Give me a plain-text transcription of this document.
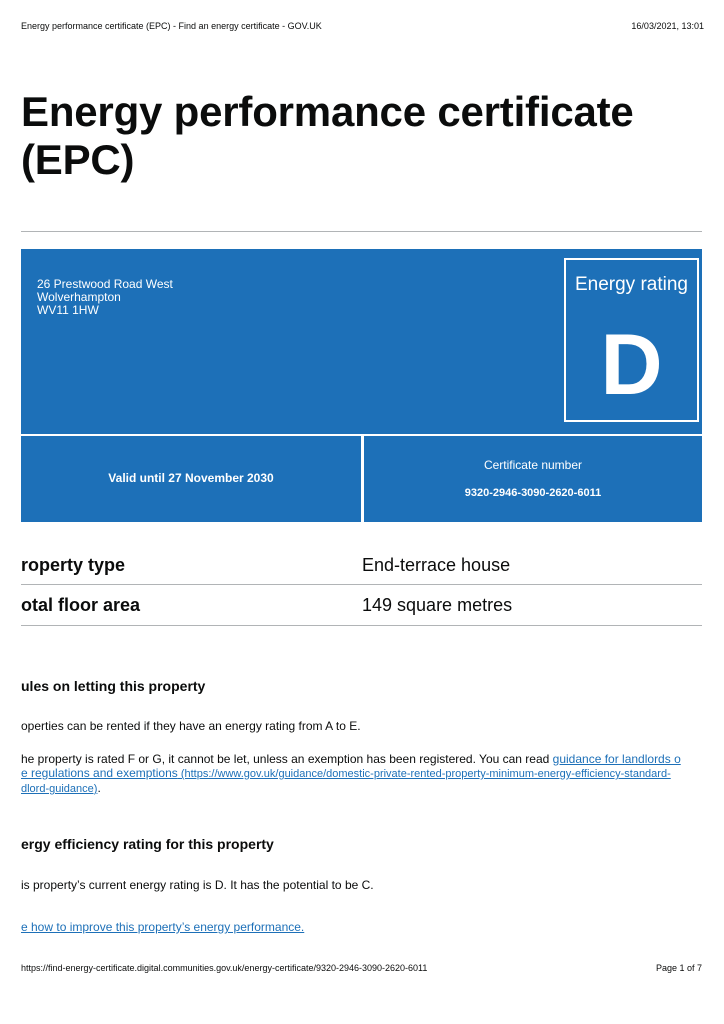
Energy performance certificate (EPC) - Find an energy certificate - GOV.UK	16/03/2021, 13:01
Energy performance certificate
(EPC)
26 Prestwood Road West
Wolverhampton
WV11 1HW
Energy rating
D
Valid until 27 November 2030
Certificate number
9320-2946-3090-2620-6011
roperty type	End-terrace house
otal floor area	149 square metres
ules on letting this property
operties can be rented if they have an energy rating from A to E.
he property is rated F or G, it cannot be let, unless an exemption has been registered. You can read guidance for landlords o
e regulations and exemptions (https://www.gov.uk/guidance/domestic-private-rented-property-minimum-energy-efficiency-standard-
dlord-guidance).
ergy efficiency rating for this property
is property’s current energy rating is D. It has the potential to be C.
e how to improve this property’s energy performance.
https://find-energy-certificate.digital.communities.gov.uk/energy-certificate/9320-2946-3090-2620-6011	Page 1 of 7
